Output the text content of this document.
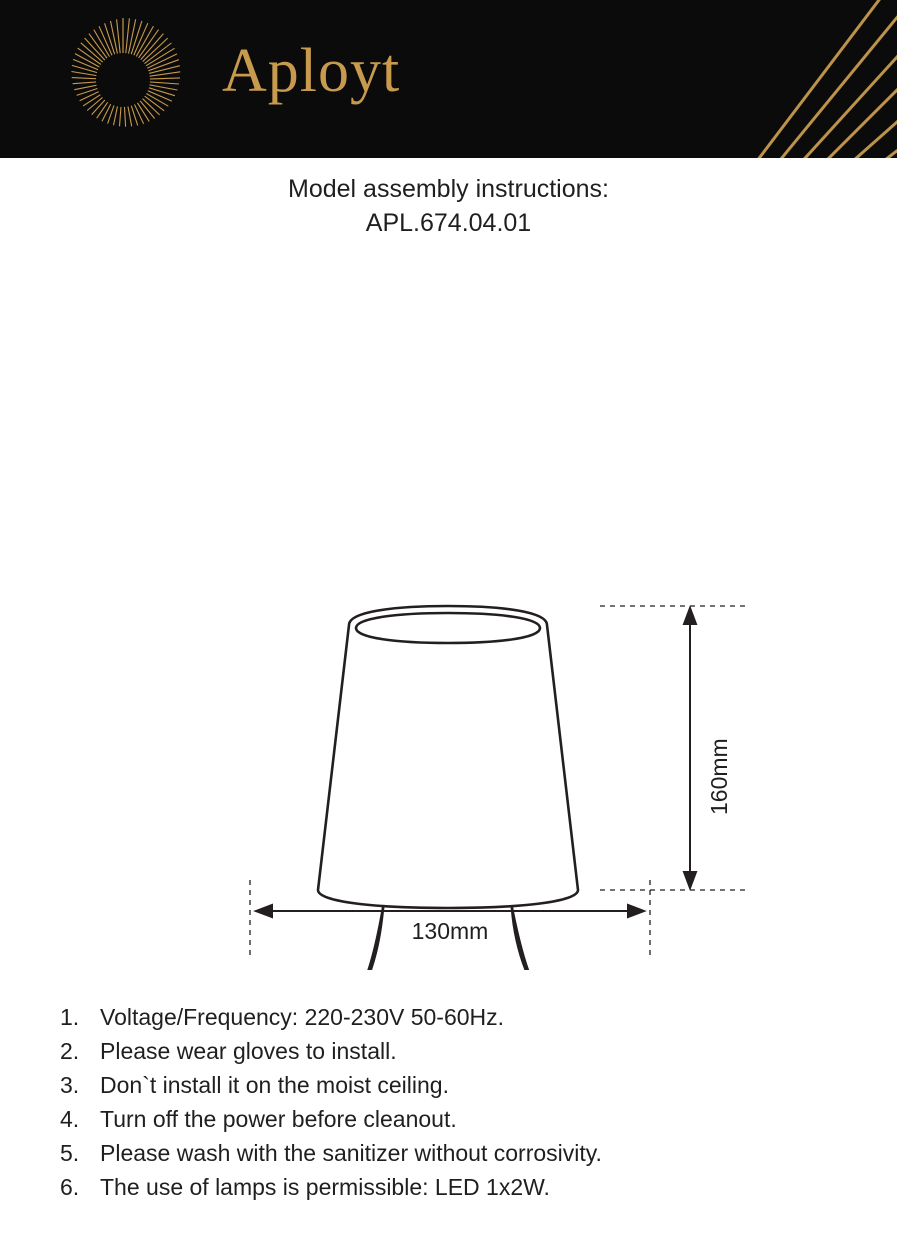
Aployt
Model assembly instructions:
APL.674.04.01
160mm
130mm
1. Voltage/Frequency: 220-230V 50-60Hz.
2. Please wear gloves to install.
3. Don`t install it on the moist ceiling.
4. Turn off the power before cleanout.
5. Please wash with the sanitizer without corrosivity.
6. The use of lamps is permissible: LED 1x2W.
